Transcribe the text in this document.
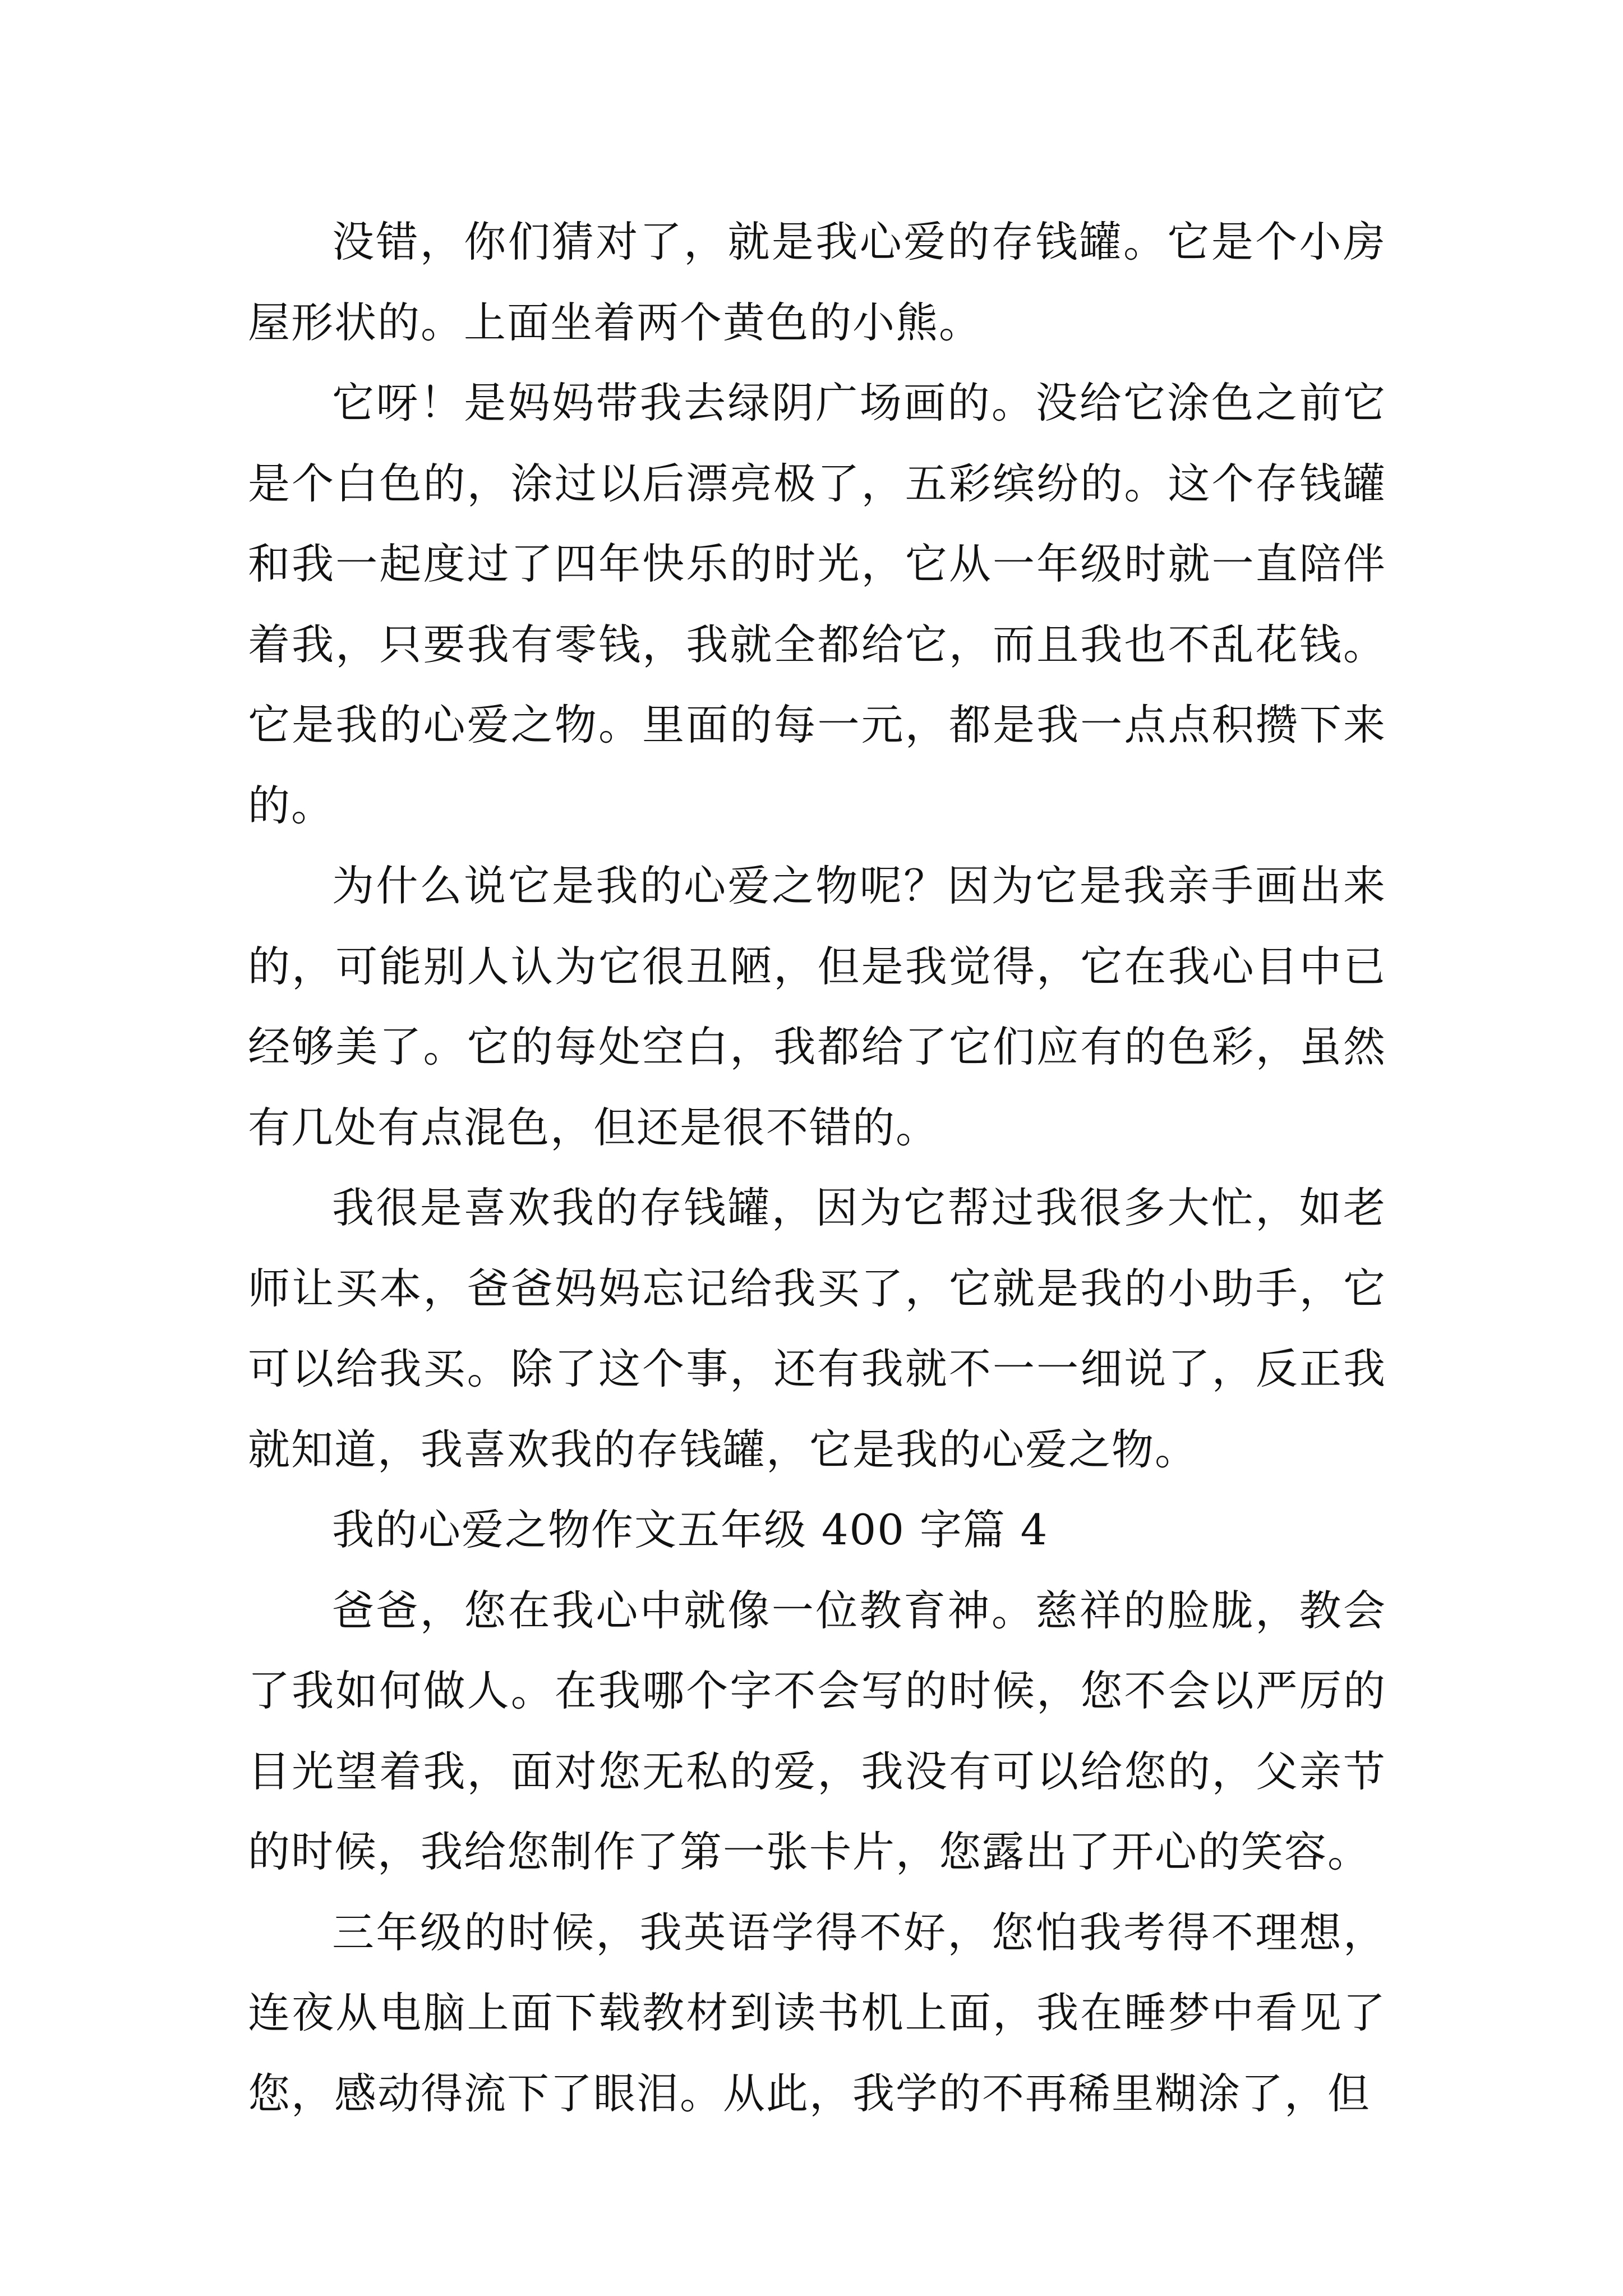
没错，你们猜对了，就是我心爱的存钱罐。它是个小房屋形状的。上面坐着两个黄色的小熊。

它呀！是妈妈带我去绿阴广场画的。没给它涂色之前它是个白色的，涂过以后漂亮极了，五彩缤纷的。这个存钱罐和我一起度过了四年快乐的时光，它从一年级时就一直陪伴着我，只要我有零钱，我就全都给它，而且我也不乱花钱。它是我的心爱之物。里面的每一元，都是我一点点积攒下来的。

为什么说它是我的心爱之物呢？因为它是我亲手画出来的，可能别人认为它很丑陋，但是我觉得，它在我心目中已经够美了。它的每处空白，我都给了它们应有的色彩，虽然有几处有点混色，但还是很不错的。

我很是喜欢我的存钱罐，因为它帮过我很多大忙，如老师让买本，爸爸妈妈忘记给我买了，它就是我的小助手，它可以给我买。除了这个事，还有我就不一一细说了，反正我就知道，我喜欢我的存钱罐，它是我的心爱之物。

我的心爱之物作文五年级 400 字篇 4

爸爸，您在我心中就像一位教育神。慈祥的脸胧，教会了我如何做人。在我哪个字不会写的时候，您不会以严厉的目光望着我，面对您无私的爱，我没有可以给您的，父亲节的时候，我给您制作了第一张卡片，您露出了开心的笑容。

三年级的时候，我英语学得不好，您怕我考得不理想，连夜从电脑上面下载教材到读书机上面，我在睡梦中看见了您，感动得流下了眼泪。从此，我学的不再稀里糊涂了，但
